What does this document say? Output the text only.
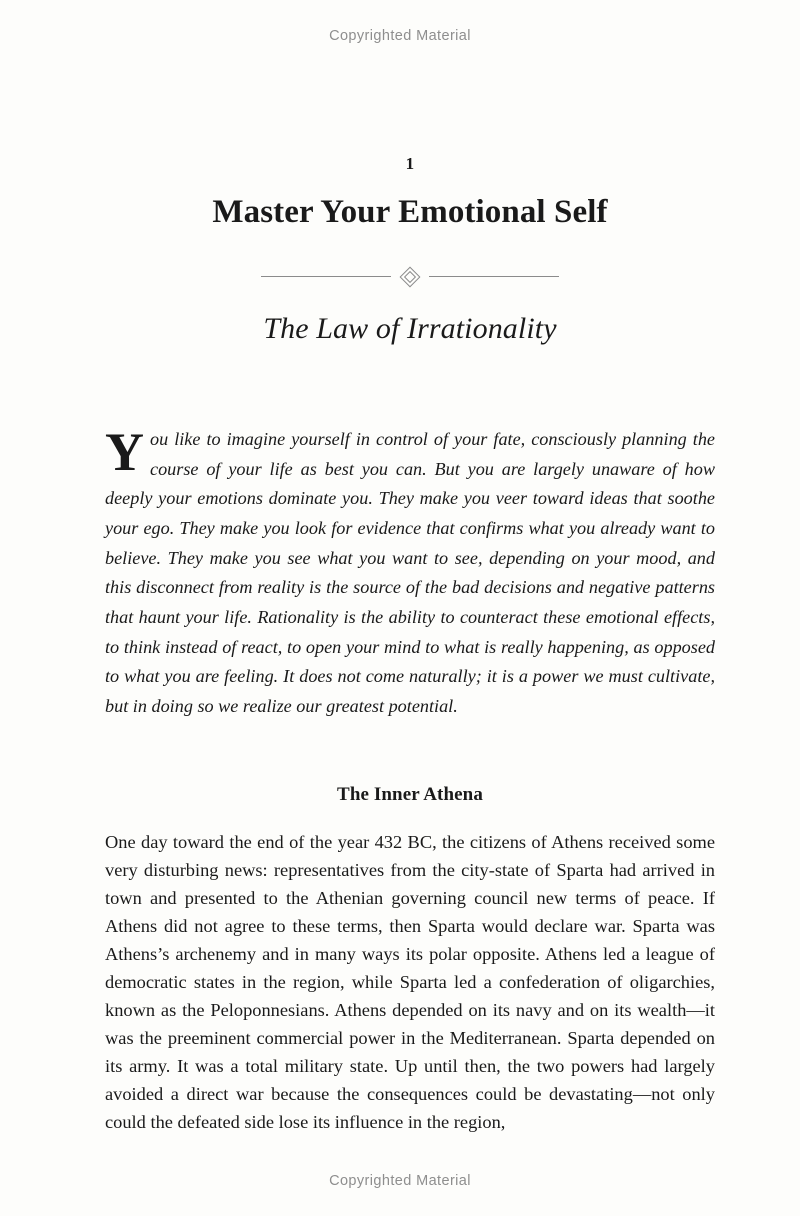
Copyrighted Material
1
Master Your Emotional Self
The Law of Irrationality

You like to imagine yourself in control of your fate, consciously planning the course of your life as best you can. But you are largely unaware of how deeply your emotions dominate you. They make you veer toward ideas that soothe your ego. They make you look for evidence that confirms what you already want to believe. They make you see what you want to see, depending on your mood, and this disconnect from reality is the source of the bad decisions and negative patterns that haunt your life. Rationality is the ability to counteract these emotional effects, to think instead of react, to open your mind to what is really happening, as opposed to what you are feeling. It does not come naturally; it is a power we must cultivate, but in doing so we realize our greatest potential.

The Inner Athena

One day toward the end of the year 432 BC, the citizens of Athens received some very disturbing news: representatives from the city-state of Sparta had arrived in town and presented to the Athenian governing council new terms of peace. If Athens did not agree to these terms, then Sparta would declare war. Sparta was Athens’s archenemy and in many ways its polar opposite. Athens led a league of democratic states in the region, while Sparta led a confederation of oligarchies, known as the Peloponnesians. Athens depended on its navy and on its wealth—it was the preeminent commercial power in the Mediterranean. Sparta depended on its army. It was a total military state. Up until then, the two powers had largely avoided a direct war because the consequences could be devastating—not only could the defeated side lose its influence in the region,

Copyrighted Material
